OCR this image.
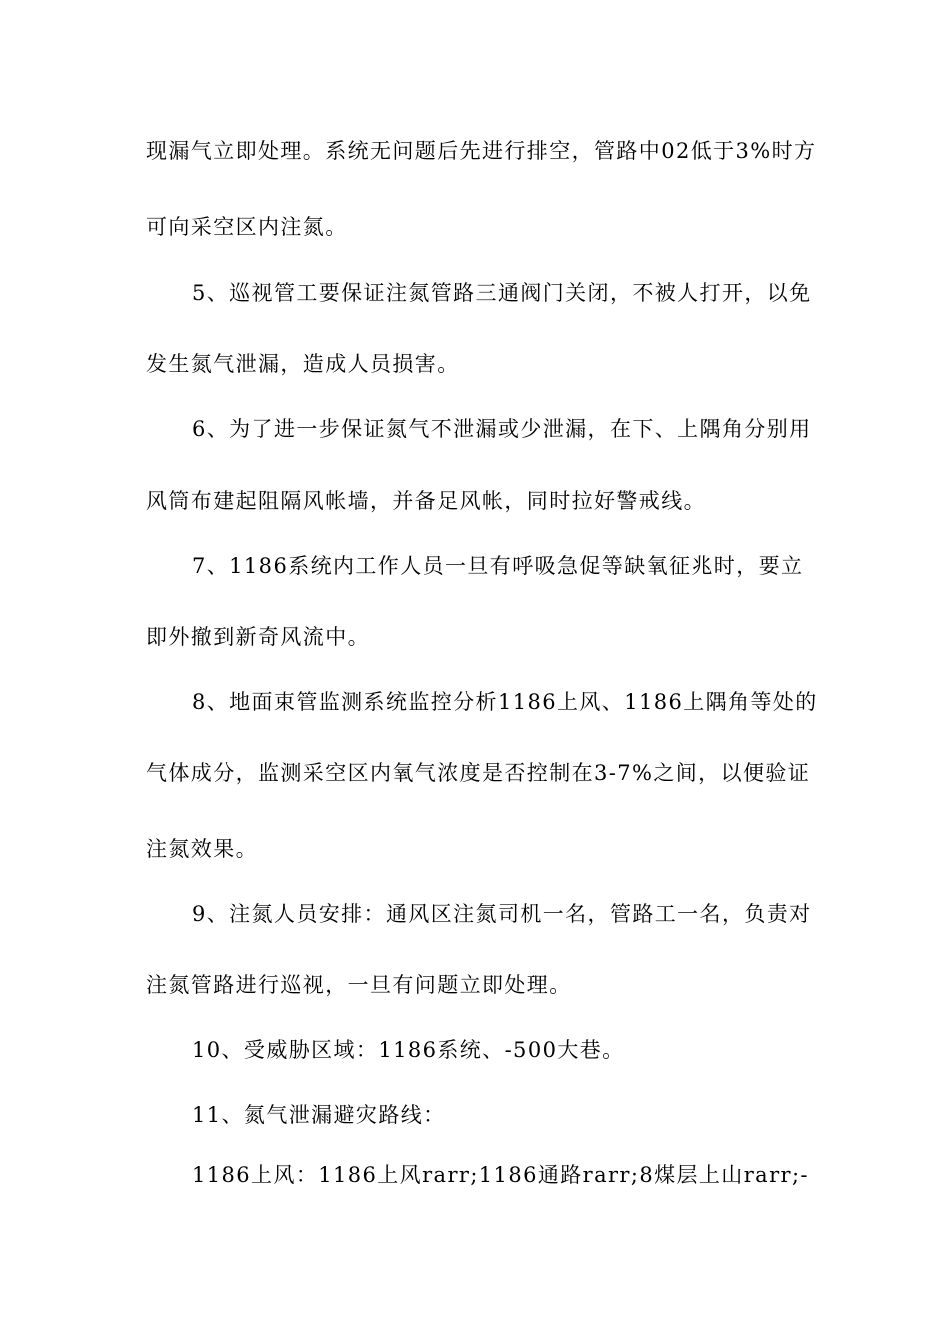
现漏气立即处理。系统无问题后先进行排空，管路中02低于3%时方
可向采空区内注氮。
5、巡视管工要保证注氮管路三通阀门关闭，不被人打开，以免
发生氮气泄漏，造成人员损害。
6、为了进一步保证氮气不泄漏或少泄漏，在下、上隅角分别用
风筒布建起阻隔风帐墙，并备足风帐，同时拉好警戒线。
7、1186系统内工作人员一旦有呼吸急促等缺氧征兆时，要立
即外撤到新奇风流中。
8、地面束管监测系统监控分析1186上风、1186上隅角等处的
气体成分，监测采空区内氧气浓度是否控制在3-7%之间，以便验证
注氮效果。
9、注氮人员安排：通风区注氮司机一名，管路工一名，负责对
注氮管路进行巡视，一旦有问题立即处理。
10、受威胁区域：1186系统、-500大巷。
11、氮气泄漏避灾路线：
1186上风：1186上风rarr;1186通路rarr;8煤层上山rarr;-
